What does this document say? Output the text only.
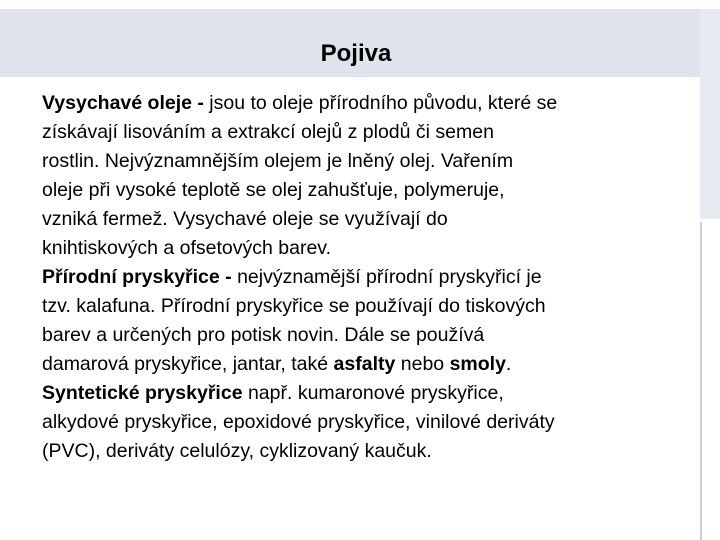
Pojiva

Vysychavé oleje - jsou to oleje přírodního původu, které se
získávají lisováním a extrakcí olejů z plodů či semen
rostlin. Nejvýznamnějším olejem je lněný olej. Vařením
oleje při vysoké teplotě se olej zahušťuje, polymeruje,
vzniká fermež. Vysychavé oleje se využívají do
knihtiskových a ofsetových barev.

Přírodní pryskyřice - nejvýznamější přírodní pryskyřicí je
tzv. kalafuna. Přírodní pryskyřice se používají do tiskových
barev a určených pro potisk novin. Dále se používá
damarová pryskyřice, jantar, také asfalty nebo smoly.

Syntetické pryskyřice např. kumaronové pryskyřice,
alkydové pryskyřice, epoxidové pryskyřice, vinilové deriváty
(PVC), deriváty celulózy, cyklizovaný kaučuk.
